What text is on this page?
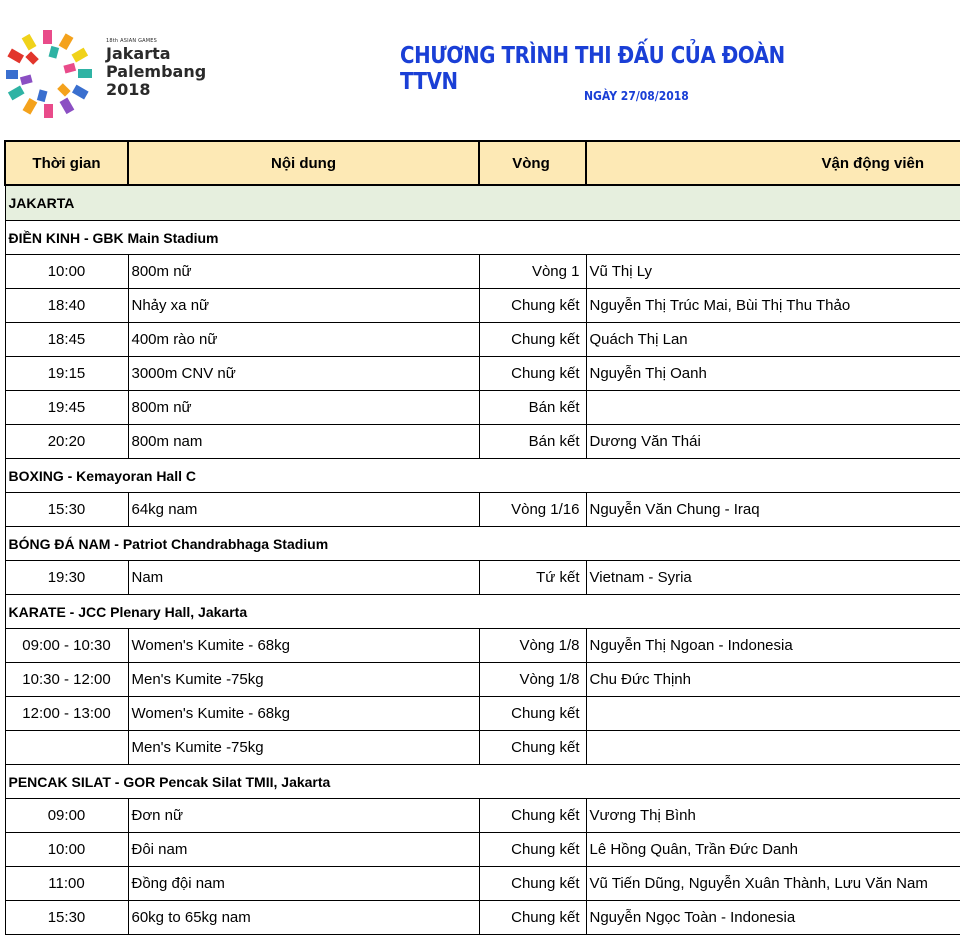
18th ASIAN GAMES
Jakarta
Palembang
2018
CHƯƠNG TRÌNH THI ĐẤU CỦA ĐOÀN TTVN
NGÀY 27/08/2018
Thời gian	Nội dung	Vòng	Vận động viên
JAKARTA			
ĐIỀN KINH - GBK Main Stadium			
10:00	800m nữ	Vòng 1	Vũ Thị Ly
18:40	Nhảy xa nữ	Chung kết	Nguyễn Thị Trúc Mai, Bùi Thị Thu Thảo
18:45	400m rào nữ	Chung kết	Quách Thị Lan
19:15	3000m CNV nữ	Chung kết	Nguyễn Thị Oanh
19:45	800m nữ	Bán kết	
20:20	800m nam	Bán kết	Dương Văn Thái
BOXING - Kemayoran Hall C			
15:30	64kg nam	Vòng 1/16	Nguyễn Văn Chung - Iraq
BÓNG ĐÁ NAM - Patriot Chandrabhaga Stadium			
19:30	Nam	Tứ kết	Vietnam - Syria
KARATE - JCC Plenary Hall, Jakarta			
09:00 - 10:30	Women's Kumite - 68kg	Vòng 1/8	Nguyễn Thị Ngoan - Indonesia
10:30 - 12:00	Men's Kumite -75kg	Vòng 1/8	Chu Đức Thịnh
12:00 - 13:00	Women's Kumite - 68kg	Chung kết	
	Men's Kumite -75kg	Chung kết	
PENCAK SILAT - GOR Pencak Silat TMII, Jakarta			
09:00	Đơn nữ	Chung kết	Vương Thị Bình
10:00	Đôi nam	Chung kết	Lê Hồng Quân, Trần Đức Danh
11:00	Đồng đội nam	Chung kết	Vũ Tiến Dũng, Nguyễn Xuân Thành, Lưu Văn Nam
15:30	60kg to 65kg nam	Chung kết	Nguyễn Ngọc Toàn - Indonesia
